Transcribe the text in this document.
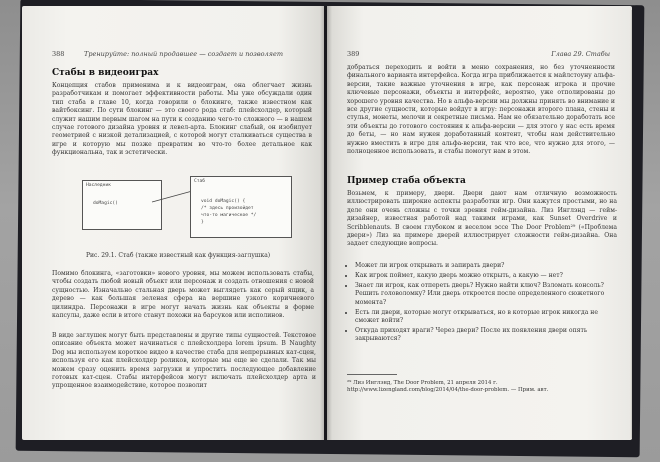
388	Тренируйте: полный продавшее — создает и позволяет
Стабы в видеоиграх
Концепция стабов применима и к видеоиграм, она облегчает жизнь разработчикам и помогает эффективности работы. Мы уже обсуждали один тип стаба в главе 10, когда говорили о блокинге, также известном как вайтбоксинг. По сути блокинг — это своего рода стаб: плейсхолдер, который служит нашим первым шагом на пути к созданию чего-то сложного — в нашем случае готового дизайна уровня и левел-арта. Блокинг слабый, он изобилует геометрией с низкой детализацией, с которой могут сталкиваться существа в игре и которую мы позже превратим во что-то более детальное как функциональна, так и эстетически.
Наследник
doMagic()
Стаб
void doMagic() {
/* здесь произойдет
что-то магическое */
}
Рис. 29.1. Стаб (также известный как функция-заглушка)
Помимо блокинга, «заготовки» нового уровня, мы можем использовать стабы, чтобы создать любой новый объект или персонаж и создать отношения с новой сущностью. Изначально стальная дверь может выглядеть как серый ящик, а дерево — как большая зеленая сфера на вершине узкого коричневого цилиндра. Персонажи в игре могут начать жизнь как объекты в форме капсулы, даже если в итоге станут похожи на барсуков или исполинов.
В виде заглушек могут быть представлены и другие типы сущностей. Текстовое описание объекта может начинаться с плейсхолдера lorem ipsum. В Naughty Dog мы используем короткое видео в качестве стаба для непрерывных кат-сцен, используя его как плейсхолдер роликов, которые мы еще не сделали. Так мы можем сразу оценить время загрузки и упростить последующее добавление готовых кат-сцен. Стабы интерфейсов могут включать плейсхолдер арта и упрощенное взаимодействие, которое позволит
389	Глава 29. Стабы
добраться переходить и войти в меню сохранения, но без уточненности финального варианта интерфейса. Когда игра приближается к майлстоуну альфа-версии, такие важные уточнения в игре, как персонаж игрока и прочие ключевые персонажи, объекты и интерфейс, вероятно, уже отполированы до хорошего уровня качества. Но в альфа-версии мы должны принять во внимание и все другие сущности, которые войдут в игру: персонажи второго плана, стены и стулья, монеты, мелочи и секретные письма. Нам не обязательно доработать все эти объекты до готового состояния к альфа-версии — для этого у нас есть время до беты, — но нам нужен доработанный контент, чтобы нам действительно нужно вместить в игре для альфа-версии, так что все, что нужно для этого, — полноценное использовать, и стабы помогут нам в этом.
Пример стаба объекта
Возьмем, к примеру, двери. Двери дают нам отличную возможность иллюстрировать широкие аспекты разработки игр. Они кажутся простыми, но на деле они очень сложны с точки зрения гейм-дизайна. Лиз Инглэнд — гейм-дизайнер, известная работой над такими играми, как Sunset Overdrive и Scribblenauts. В своем глубоком и веселом эссе The Door Problem²⁹ («Проблема двери») Лиз на примере дверей иллюстрирует сложности гейм-дизайна. Она задает следующие вопросы.
• Может ли игрок открывать и запирать двери?
• Как игрок поймет, какую дверь можно открыть, а какую — нет?
• Знает ли игрок, как отпереть дверь? Нужно найти ключ? Взломать консоль? Решить головоломку? Или дверь откроется после определенного сюжетного момента?
• Есть ли двери, которые могут открываться, но в которые игрок никогда не сможет войти?
• Откуда приходят враги? Через двери? После их появления двери опять закрываются?
²⁹ Лиз Инглэнд, The Door Problem, 21 апреля 2014 г. http://www.lizengland.com/blog/2014/04/the-door-problem. — Прим. авт.
